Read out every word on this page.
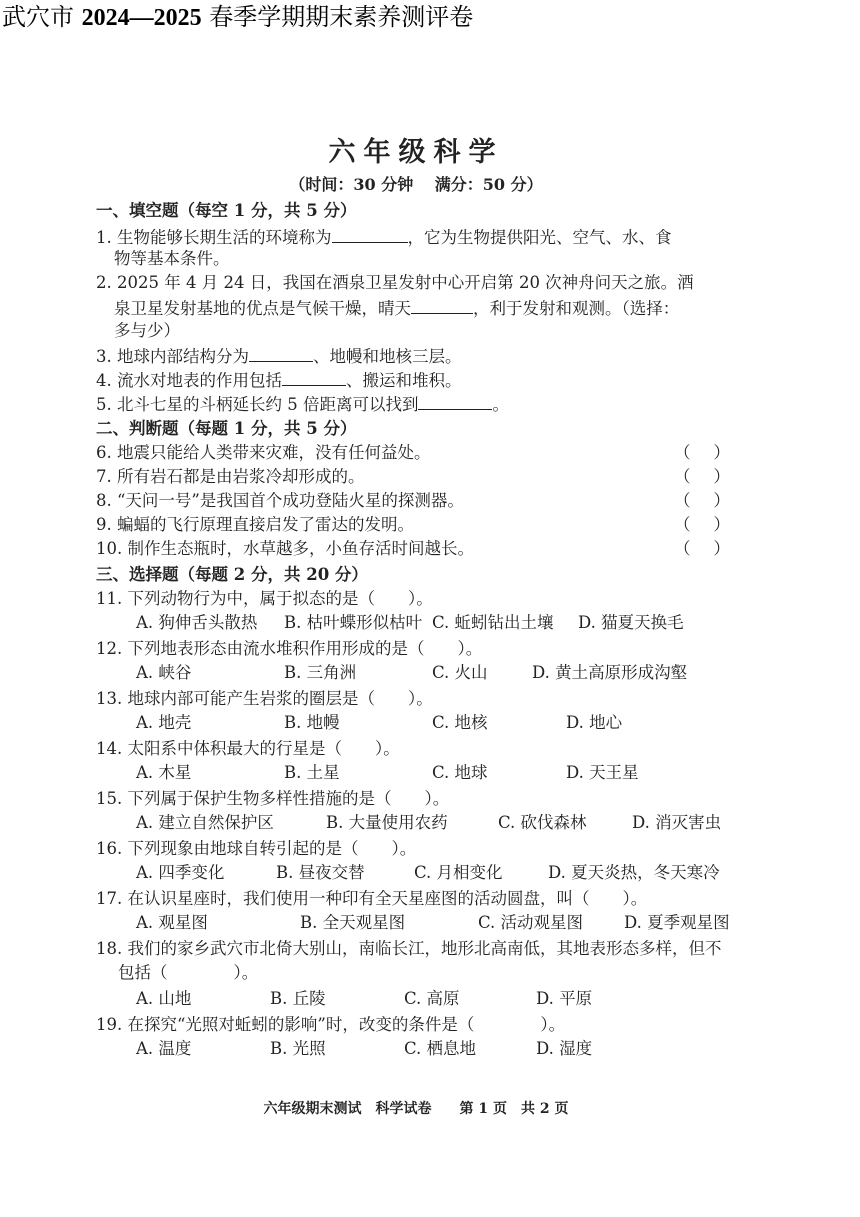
武穴市 2024—2025 春季学期期末素养测评卷
六年级科学
（时间：30 分钟　 满分：50 分）
一、填空题（每空 1 分，共 5 分）
1. 生物能够长期生活的环境称为	，它为生物提供阳光、空气、水、食
物等基本条件。
2. 2025 年 4 月 24 日，我国在酒泉卫星发射中心开启第 20 次神舟问天之旅。酒
泉卫星发射基地的优点是气候干燥，晴天	，利于发射和观测。（选择：
多与少）
3. 地球内部结构分为	、地幔和地核三层。
4. 流水对地表的作用包括	、搬运和堆积。
5. 北斗七星的斗柄延长约 5 倍距离可以找到	。
二、判断题（每题 1 分，共 5 分）
6. 地震只能给人类带来灾难，没有任何益处。	（ ）
7. 所有岩石都是由岩浆冷却形成的。	（ ）
8. “天问一号”是我国首个成功登陆火星的探测器。	（ ）
9. 蝙蝠的飞行原理直接启发了雷达的发明。	（ ）
10. 制作生态瓶时，水草越多，小鱼存活时间越长。	（ ）
三、选择题（每题 2 分，共 20 分）
11. 下列动物行为中，属于拟态的是（　　）。
A. 狗伸舌头散热 B. 枯叶蝶形似枯叶 C. 蚯蚓钻出土壤 D. 猫夏天换毛
12. 下列地表形态由流水堆积作用形成的是（　　）。
A. 峡谷	B. 三角洲	C. 火山	D. 黄土高原形成沟壑
13. 地球内部可能产生岩浆的圈层是（　　）。
A. 地壳	B. 地幔	C. 地核	D. 地心
14. 太阳系中体积最大的行星是（　　）。
A. 木星	B. 土星	C. 地球	D. 天王星
15. 下列属于保护生物多样性措施的是（　　）。
A. 建立自然保护区	B. 大量使用农药	C. 砍伐森林	D. 消灭害虫
16. 下列现象由地球自转引起的是（　　）。
A. 四季变化	B. 昼夜交替	C. 月相变化	D. 夏天炎热，冬天寒冷
17. 在认识星座时，我们使用一种印有全天星座图的活动圆盘，叫（　　）。
A. 观星图	B. 全天观星图	C. 活动观星图 D. 夏季观星图
18. 我们的家乡武穴市北倚大别山，南临长江，地形北高南低，其地表形态多样，但不
包括（　　　　）。
A. 山地	B. 丘陵	C. 高原	D. 平原
19. 在探究“光照对蚯蚓的影响”时，改变的条件是（　　　　）。
A. 温度	B. 光照	C. 栖息地	D. 湿度
六年级期末测试　科学试卷　　第 1 页　共 2 页
